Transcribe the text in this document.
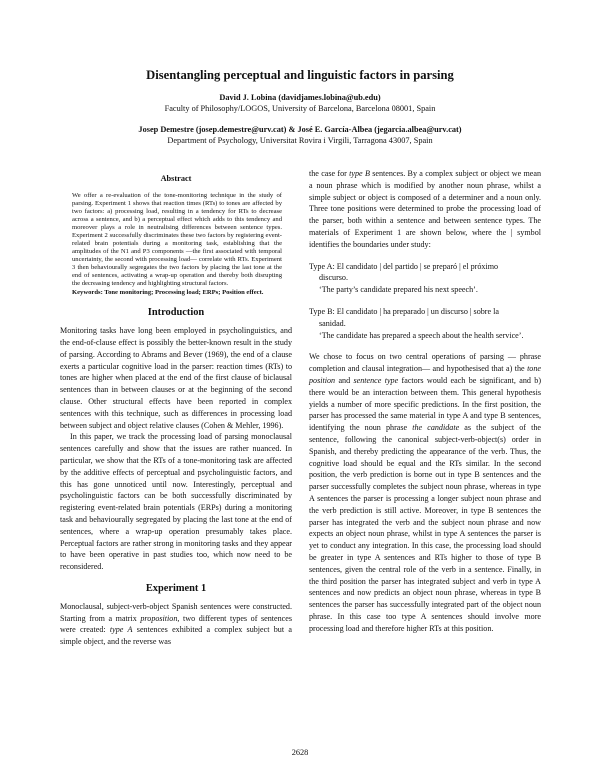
Disentangling perceptual and linguistic factors in parsing
David J. Lobina (davidjames.lobina@ub.edu)
Faculty of Philosophy/LOGOS, University of Barcelona, Barcelona 08001, Spain
Josep Demestre (josep.demestre@urv.cat) & José E. García-Albea (jegarcia.albea@urv.cat)
Department of Psychology, Universitat Rovira i Virgili, Tarragona 43007, Spain
Abstract

We offer a re-evaluation of the tone-monitoring technique in the study of parsing. Experiment 1 shows that reaction times (RTs) to tones are affected by two factors: a) processing load, resulting in a tendency for RTs to decrease across a sentence, and b) a perceptual effect which adds to this tendency and moreover plays a role in neutralising differences between sentence types. Experiment 2 successfully discriminates these two factors by registering event-related brain potentials during a monitoring task, establishing that the amplitudes of the N1 and P3 components —the first associated with temporal uncertainty, the second with processing load— correlate with RTs. Experiment 3 then behaviourally segregates the two factors by placing the last tone at the end of sentences, activating a wrap-up operation and thereby both disrupting the decreasing tendency and highlighting structural factors.

Keywords: Tone monitoring; Processing load; ERPs; Position effect.

Introduction

Monitoring tasks have long been employed in psycholinguistics, and the end-of-clause effect is possibly the better-known result in the study of parsing. According to Abrams and Bever (1969), the end of a clause exerts a particular cognitive load in the parser: reaction times (RTs) to tones are higher when placed at the end of the first clause of biclausal sentences than in between clauses or at the beginning of the second clause. Other structural effects have been reported in complex sentences with this technique, such as differences in processing load between subject and object relative clauses (Cohen & Mehler, 1996).

In this paper, we track the processing load of parsing monoclausal sentences carefully and show that the issues are rather nuanced. In particular, we show that the RTs of a tone-monitoring task are affected by the additive effects of perceptual and psycholinguistic factors, and this has gone unnoticed until now. Interestingly, perceptual and psycholinguistic factors can be both successfully discriminated by registering event-related brain potentials (ERPs) during a monitoring task and behaviourally segregated by placing the last tone at the end of sentences, where a wrap-up operation presumably takes place. Perceptual factors are rather strong in monitoring tasks and they appear to have been operative in past studies too, which now need to be reconsidered.

Experiment 1

Monoclausal, subject-verb-object Spanish sentences were constructed. Starting from a matrix proposition, two different types of sentences were created: type A sentences exhibited a complex subject but a simple object, and the reverse was

the case for type B sentences. By a complex subject or object we mean a noun phrase which is modified by another noun phrase, whilst a simple subject or object is composed of a determiner and a noun only. Three tone positions were determined to probe the processing load of the parser, both within a sentence and between sentence types. The materials of Experiment 1 are shown below, where the | symbol identifies the boundaries under study:

Type A: El candidato | del partido | se preparó | el próximo
discurso.
‘The party’s candidate prepared his next speech’.
Type B: El candidato | ha preparado | un discurso | sobre la
sanidad.
‘The candidate has prepared a speech about the health service’.

We chose to focus on two central operations of parsing — phrase completion and clausal integration— and hypothesised that a) the tone position and sentence type factors would each be significant, and b) there would be an interaction between them. This general hypothesis yields a number of more specific predictions. In the first position, the parser has processed the same material in type A and type B sentences, identifying the noun phrase the candidate as the subject of the sentence, following the canonical subject-verb-object(s) order in Spanish, and thereby predicting the appearance of the verb. Thus, the cognitive load should be equal and the RTs similar. In the second position, the verb prediction is borne out in type B sentences and the parser successfully completes the subject noun phrase, whereas in type A sentences the parser is processing a longer subject noun phrase and the verb prediction is still active. Moreover, in type B sentences the parser has integrated the verb and the subject noun phrase and now expects an object noun phrase, whilst in type A sentences the parser is yet to conduct any integration. In this case, the processing load should be greater in type A sentences and RTs higher to those of type B sentences, given the central role of the verb in a sentence. Finally, in the third position the parser has integrated subject and verb in type A sentences and now predicts an object noun phrase, whereas in type B sentences the parser has successfully integrated part of the object noun phrase. In this case too type A sentences should involve more processing load and therefore higher RTs at this position.

2628
